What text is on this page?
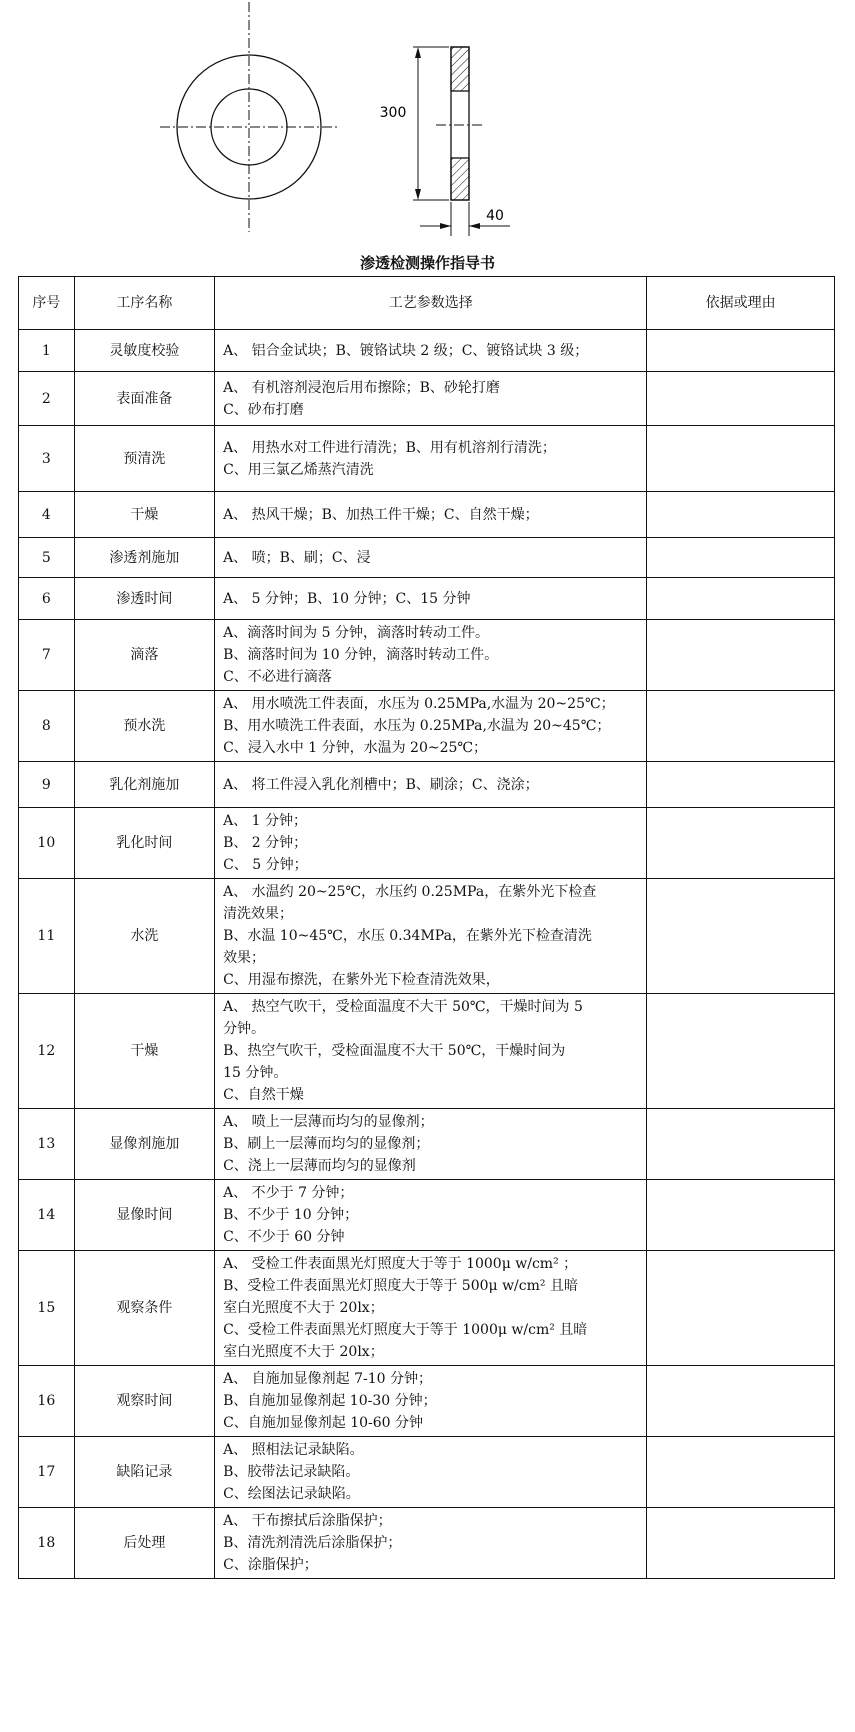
300
40
渗透检测操作指导书
序号	工序名称	工艺参数选择	依据或理由
1	灵敏度校验	A、 铝合金试块；B、镀铬试块 2 级；C、镀铬试块 3 级；	

2	表面准备	A、 有机溶剂浸泡后用布擦除；B、砂轮打磨
C、砂布打磨	

3	预清洗	A、 用热水对工件进行清洗；B、用有机溶剂行清洗；
C、用三氯乙烯蒸汽清洗	

4	干燥	A、 热风干燥；B、加热工件干燥；C、自然干燥；	

5	渗透剂施加	A、 喷；B、刷；C、浸	

6	渗透时间	A、 5 分钟；B、10 分钟；C、15 分钟	

7	滴落	A、滴落时间为 5 分钟，滴落时转动工件。
B、滴落时间为 10 分钟，滴落时转动工件。
C、不必进行滴落	

8	预水洗	A、 用水喷洗工件表面，水压为 0.25MPa,水温为 20~25℃；
B、用水喷洗工件表面，水压为 0.25MPa,水温为 20~45℃；
C、浸入水中 1 分钟，水温为 20~25℃；	

9	乳化剂施加	A、 将工件浸入乳化剂槽中；B、刷涂；C、浇涂；	

10	乳化时间	A、 1 分钟；
B、 2 分钟；
C、 5 分钟；	

11	水洗	A、 水温约 20~25℃，水压约 0.25MPa，在紫外光下检查
清洗效果；
B、水温 10~45℃，水压 0.34MPa，在紫外光下检查清洗
效果；
C、用湿布擦洗，在紫外光下检查清洗效果，	

12	干燥	A、 热空气吹干，受检面温度不大干 50℃，干燥时间为 5
分钟。
B、热空气吹干，受检面温度不大干 50℃，干燥时间为
15 分钟。
C、自然干燥	

13	显像剂施加	A、 喷上一层薄而均匀的显像剂；
B、刷上一层薄而均匀的显像剂；
C、浇上一层薄而均匀的显像剂	

14	显像时间	A、 不少于 7 分钟；
B、不少于 10 分钟；
C、不少于 60 分钟	

15	观察条件	A、 受检工件表面黑光灯照度大于等于 1000μ w/cm² ；
B、受检工件表面黑光灯照度大于等于 500μ w/cm² 且暗
室白光照度不大于 20lx；
C、受检工件表面黑光灯照度大于等于 1000μ w/cm² 且暗
室白光照度不大于 20lx；	

16	观察时间	A、 自施加显像剂起 7-10 分钟；
B、自施加显像剂起 10-30 分钟；
C、自施加显像剂起 10-60 分钟	

17	缺陷记录	A、 照相法记录缺陷。
B、胶带法记录缺陷。
C、绘图法记录缺陷。	

18	后处理	A、 干布擦拭后涂脂保护；
B、清洗剂清洗后涂脂保护；
C、涂脂保护；	
